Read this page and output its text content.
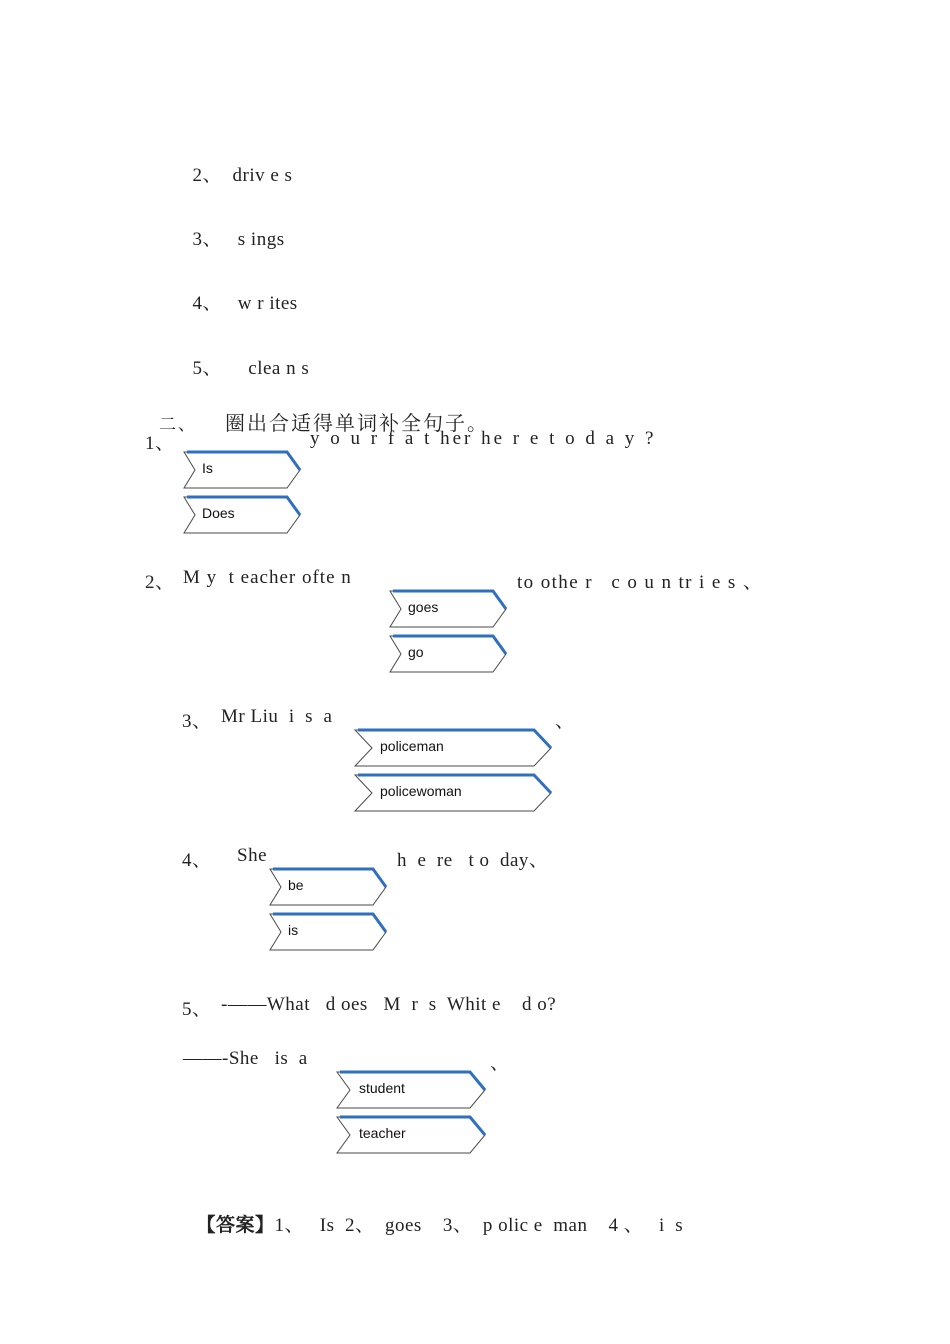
2、 driv e s

3、 s ings

4、 w r ites

5、 clea n s

二、 圈出合适得单词补全句子。

1、	y o u r f a t her he r e t o d a y ?
Is
Does
2、 M y  t eacher ofte n	to othe r   c o u n tr i e s 、
goes
go
3、 Mr Liu  i  s  a	、
policeman
policewoman
4、 She	h  e  re   t o  day、
be
is
5、 -——What   d oes   M  r  s  Whit e    d o?
——-She   is  a	、
student
teacher

【答案】1、   Is  2、  goes    3、  p olic e  man    4 、   i  s
